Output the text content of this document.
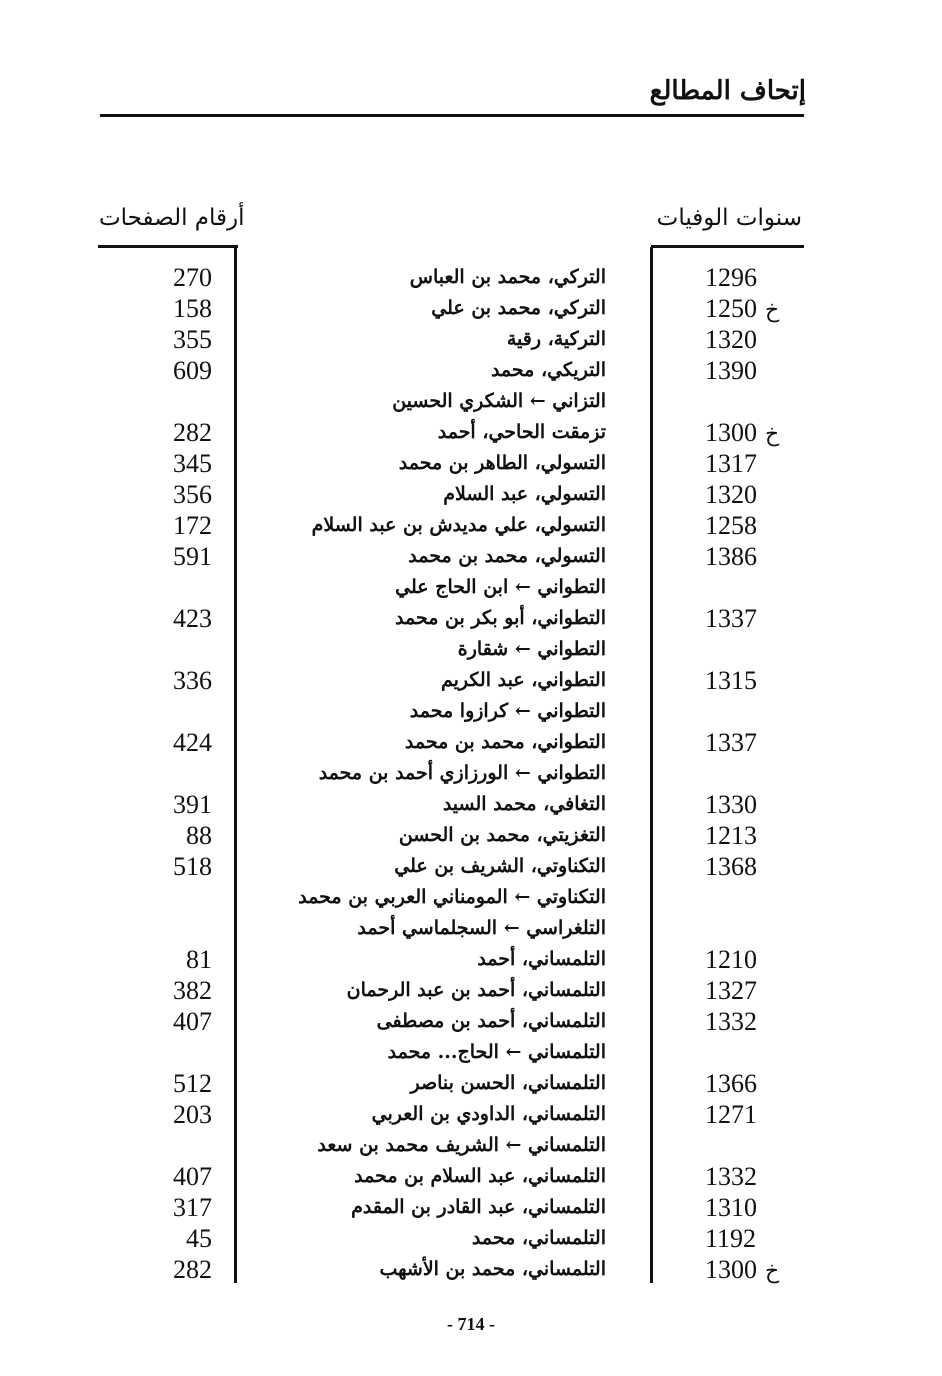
إتحاف المطالع
سنوات الوفيات
أرقام الصفحات
1296
التركي، محمد بن العباس
270
1250 خ
التركي، محمد بن علي
158
1320
التركية، رقية
355
1390
التريكي، محمد
609
التزاني ← الشكري الحسين
1300 خ
تزمقت الحاحي، أحمد
282
1317
التسولي، الطاهر بن محمد
345
1320
التسولي، عبد السلام
356
1258
التسولي، علي مديدش بن عبد السلام
172
1386
التسولي، محمد بن محمد
591
التطواني ← ابن الحاج علي
1337
التطواني، أبو بكر بن محمد
423
التطواني ← شقارة
1315
التطواني، عبد الكريم
336
التطواني ← كرازوا محمد
1337
التطواني، محمد بن محمد
424
التطواني ← الورزازي أحمد بن محمد
1330
التغافي، محمد السيد
391
1213
التغزيتي، محمد بن الحسن
88
1368
التكناوتي، الشريف بن علي
518
التكناوتي ← المومناني العربي بن محمد
التلغراسي ← السجلماسي أحمد
1210
التلمساني، أحمد
81
1327
التلمساني، أحمد بن عبد الرحمان
382
1332
التلمساني، أحمد بن مصطفى
407
التلمساني ← الحاج... محمد
1366
التلمساني، الحسن بناصر
512
1271
التلمساني، الداودي بن العربي
203
التلمساني ← الشريف محمد بن سعد
1332
التلمساني، عبد السلام بن محمد
407
1310
التلمساني، عبد القادر بن المقدم
317
1192
التلمساني، محمد
45
1300 خ
التلمساني، محمد بن الأشهب
282
- 714 -
